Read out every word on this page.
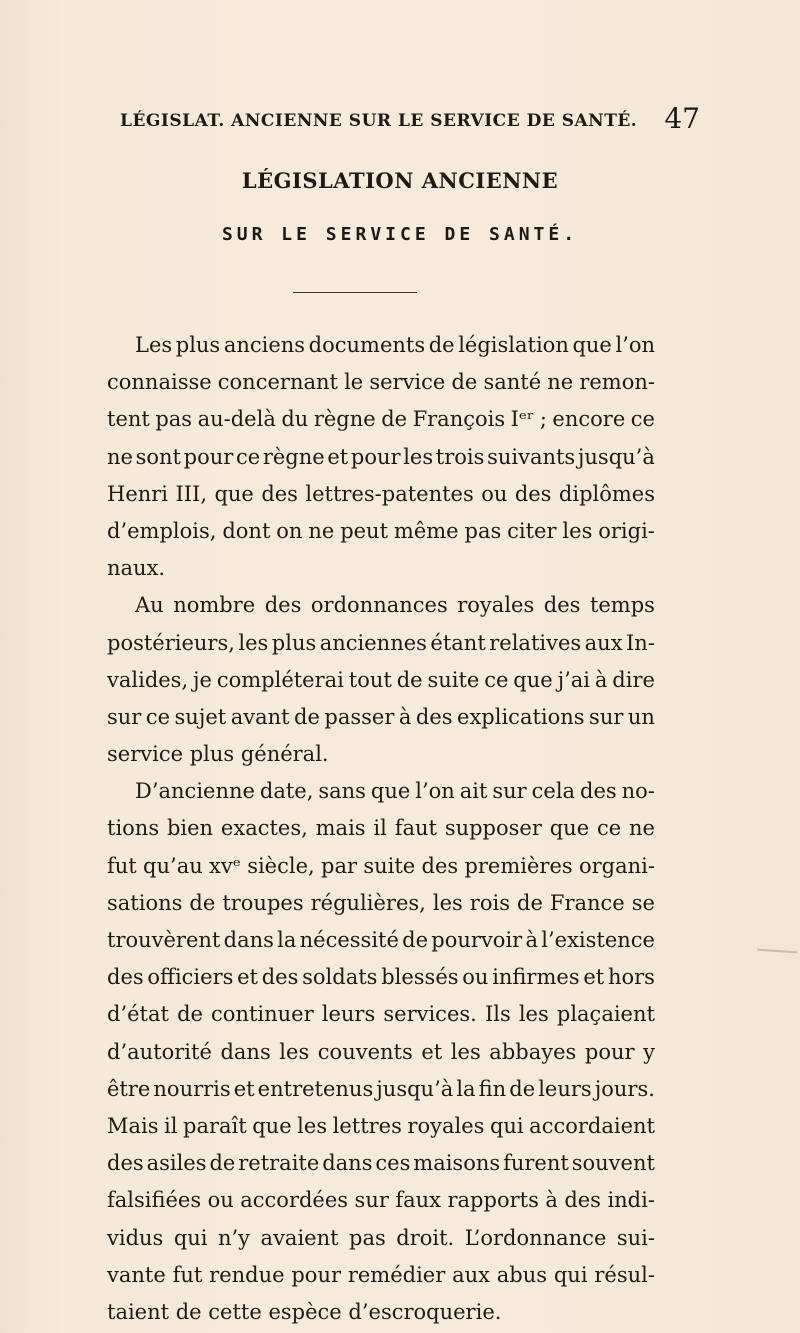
LÉGISLAT. ANCIENNE SUR LE SERVICE DE SANTÉ. 47
LÉGISLATION ANCIENNE
SUR LE SERVICE DE SANTÉ.
Les plus anciens documents de législation que l’on
connaisse concernant le service de santé ne remon-
tent pas au-delà du règne de François Iᵉʳ ; encore ce
ne sont pour ce règne et pour les trois suivants jusqu’à
Henri III, que des lettres-patentes ou des diplômes
d’emplois, dont on ne peut même pas citer les origi-
naux.
Au nombre des ordonnances royales des temps
postérieurs, les plus anciennes étant relatives aux In-
valides, je compléterai tout de suite ce que j’ai à dire
sur ce sujet avant de passer à des explications sur un
service plus général.
D’ancienne date, sans que l’on ait sur cela des no-
tions bien exactes, mais il faut supposer que ce ne
fut qu’au xvᵉ siècle, par suite des premières organi-
sations de troupes régulières, les rois de France se
trouvèrent dans la nécessité de pourvoir à l’existence
des officiers et des soldats blessés ou infirmes et hors
d’état de continuer leurs services. Ils les plaçaient
d’autorité dans les couvents et les abbayes pour y
être nourris et entretenus jusqu’à la fin de leurs jours.
Mais il paraît que les lettres royales qui accordaient
des asiles de retraite dans ces maisons furent souvent
falsifiées ou accordées sur faux rapports à des indi-
vidus qui n’y avaient pas droit. L’ordonnance sui-
vante fut rendue pour remédier aux abus qui résul-
taient de cette espèce d’escroquerie.
